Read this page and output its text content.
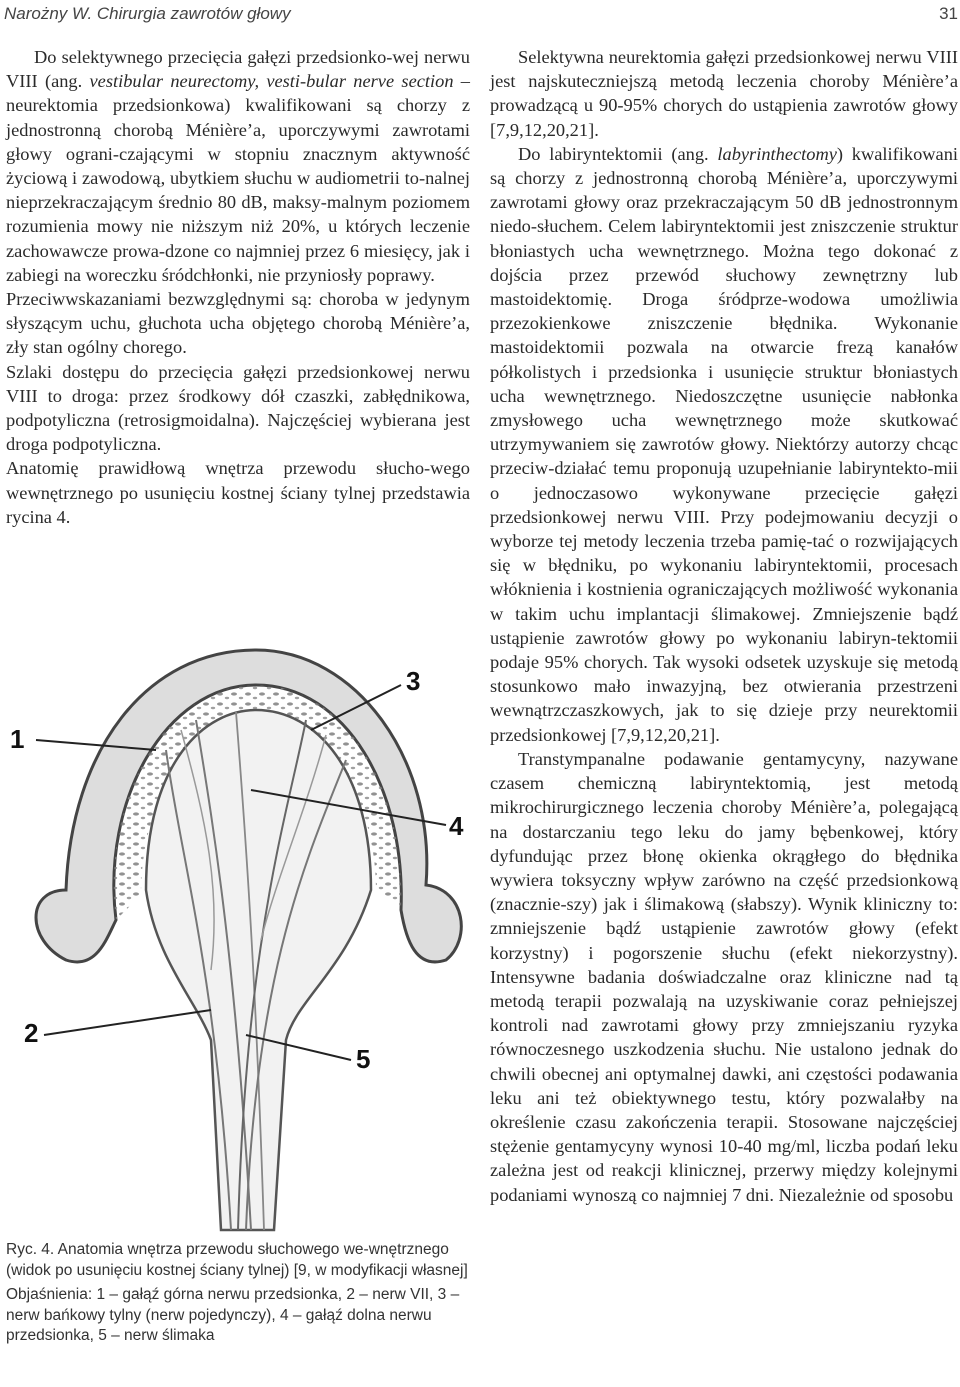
Narożny W. Chirurgia zawrotów głowy	31

Do selektywnego przecięcia gałęzi przedsionko-wej nerwu VIII (ang. vestibular neurectomy, vesti-bular nerve section – neurektomia przedsionkowa) kwalifikowani są chorzy z jednostronną chorobą Ménière’a, uporczywymi zawrotami głowy ograni-czającymi w stopniu znacznym aktywność życiową i zawodową, ubytkiem słuchu w audiometrii to-nalnej nieprzekraczającym średnio 80 dB, maksy-malnym poziomem rozumienia mowy nie niższym niż 20%, u których leczenie zachowawcze prowa-dzone co najmniej przez 6 miesięcy, jak i zabiegi na woreczku śródchłonki, nie przyniosły poprawy.

Przeciwwskazaniami bezwzględnymi są: choroba w jedynym słyszącym uchu, głuchota ucha objętego chorobą Ménière’a, zły stan ogólny chorego.

Szlaki dostępu do przecięcia gałęzi przedsionkowej nerwu VIII to droga: przez środkowy dół czaszki, zabłędnikowa, podpotyliczna (retrosigmoidalna). Najczęściej wybierana jest droga podpotyliczna.

Anatomię prawidłową wnętrza przewodu słucho-wego wewnętrznego po usunięciu kostnej ściany tylnej przedstawia rycina 4.

1
2
3
4
5

Ryc. 4. Anatomia wnętrza przewodu słuchowego we-wnętrznego (widok po usunięciu kostnej ściany tylnej) [9, w modyfikacji własnej]

Objaśnienia: 1 – gałąź górna nerwu przedsionka, 2 – nerw VII, 3 – nerw bańkowy tylny (nerw pojedynczy), 4 – gałąź dolna nerwu przedsionka, 5 – nerw ślimaka

Selektywna neurektomia gałęzi przedsionkowej nerwu VIII jest najskuteczniejszą metodą leczenia choroby Ménière’a prowadzącą u 90-95% chorych do ustąpienia zawrotów głowy [7,9,12,20,21].

Do labiryntektomii (ang. labyrinthectomy) kwalifikowani są chorzy z jednostronną chorobą Ménière’a, uporczywymi zawrotami głowy oraz przekraczającym 50 dB jednostronnym niedo-słuchem. Celem labiryntektomii jest zniszczenie struktur błoniastych ucha wewnętrznego. Można tego dokonać z dojścia przez przewód słuchowy zewnętrzny lub mastoidektomię. Droga śródprze-wodowa umożliwia przezokienkowe zniszczenie błędnika. Wykonanie mastoidektomii pozwala na otwarcie frezą kanałów półkolistych i przedsionka i usunięcie struktur błoniastych ucha wewnętrznego. Niedoszczętne usunięcie nabłonka zmysłowego ucha wewnętrznego może skutkować utrzymywaniem się zawrotów głowy. Niektórzy autorzy chcąc przeciw-działać temu proponują uzupełnianie labiryntekto-mii o jednoczasowo wykonywane przecięcie gałęzi przedsionkowej nerwu VIII. Przy podejmowaniu decyzji o wyborze tej metody leczenia trzeba pamię-tać o rozwijających się w błędniku, po wykonaniu labiryntektomii, procesach włóknienia i kostnienia ograniczających możliwość wykonania w takim uchu implantacji ślimakowej. Zmniejszenie bądź ustąpienie zawrotów głowy po wykonaniu labiryn-tektomii podaje 95% chorych. Tak wysoki odsetek uzyskuje się metodą stosunkowo mało inwazyjną, bez otwierania przestrzeni wewnątrzczaszkowych, jak to się dzieje przy neurektomii przedsionkowej [7,9,12,20,21].

Transtympanalne podawanie gentamycyny, nazywane czasem chemiczną labiryntektomią, jest metodą mikrochirurgicznego leczenia choroby Ménière’a, polegającą na dostarczaniu tego leku do jamy bębenkowej, który dyfundując przez błonę okienka okrągłego do błędnika wywiera toksyczny wpływ zarówno na część przedsionkową (znacznie-szy) jak i ślimakową (słabszy). Wynik kliniczny to: zmniejszenie bądź ustąpienie zawrotów głowy (efekt korzystny) i pogorszenie słuchu (efekt niekorzystny). Intensywne badania doświadczalne oraz kliniczne nad tą metodą terapii pozwalają na uzyskiwanie coraz pełniejszej kontroli nad zawrotami głowy przy zmniejszaniu ryzyka równoczesnego uszkodzenia słuchu. Nie ustalono jednak do chwili obecnej ani optymalnej dawki, ani częstości podawania leku ani też obiektywnego testu, który pozwalałby na określenie czasu zakończenia terapii. Stosowane najczęściej stężenie gentamycyny wynosi 10-40 mg/ml, liczba podań leku zależna jest od reakcji klinicznej, przerwy między kolejnymi podaniami wynoszą co najmniej 7 dni. Niezależnie od sposobu
